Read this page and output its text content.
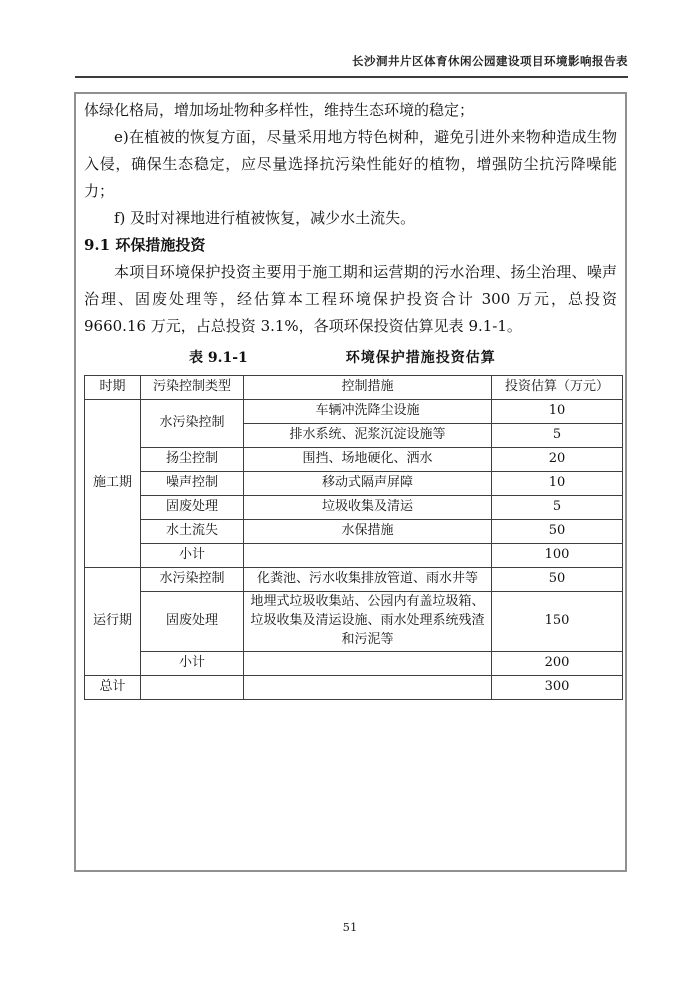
长沙洞井片区体育休闲公园建设项目环境影响报告表

体绿化格局，增加场址物种多样性，维持生态环境的稳定；

e)在植被的恢复方面，尽量采用地方特色树种，避免引进外来物种造成生物入侵，确保生态稳定，应尽量选择抗污染性能好的植物，增强防尘抗污降噪能力；

f) 及时对裸地进行植被恢复，减少水土流失。

9.1 环保措施投资

本项目环境保护投资主要用于施工期和运营期的污水治理、扬尘治理、噪声治理、固废处理等，经估算本工程环境保护投资合计 300 万元，总投资 9660.16 万元，占总投资 3.1%，各项环保投资估算见表 9.1-1。

表 9.1-1	环境保护措施投资估算
时期	污染控制类型	控制措施	投资估算（万元）
施工期	水污染控制	车辆冲洗降尘设施	10
		排水系统、泥浆沉淀设施等	5
	扬尘控制	围挡、场地硬化、洒水	20
	噪声控制	移动式隔声屏障	10
	固废处理	垃圾收集及清运	5
	水土流失	水保措施	50
	小计		100
运行期	水污染控制	化粪池、污水收集排放管道、雨水井等	50
	固废处理	地埋式垃圾收集站、公园内有盖垃圾箱、垃圾收集及清运设施、雨水处理系统残渣和污泥等	150
	小计		200
总计			300
51
